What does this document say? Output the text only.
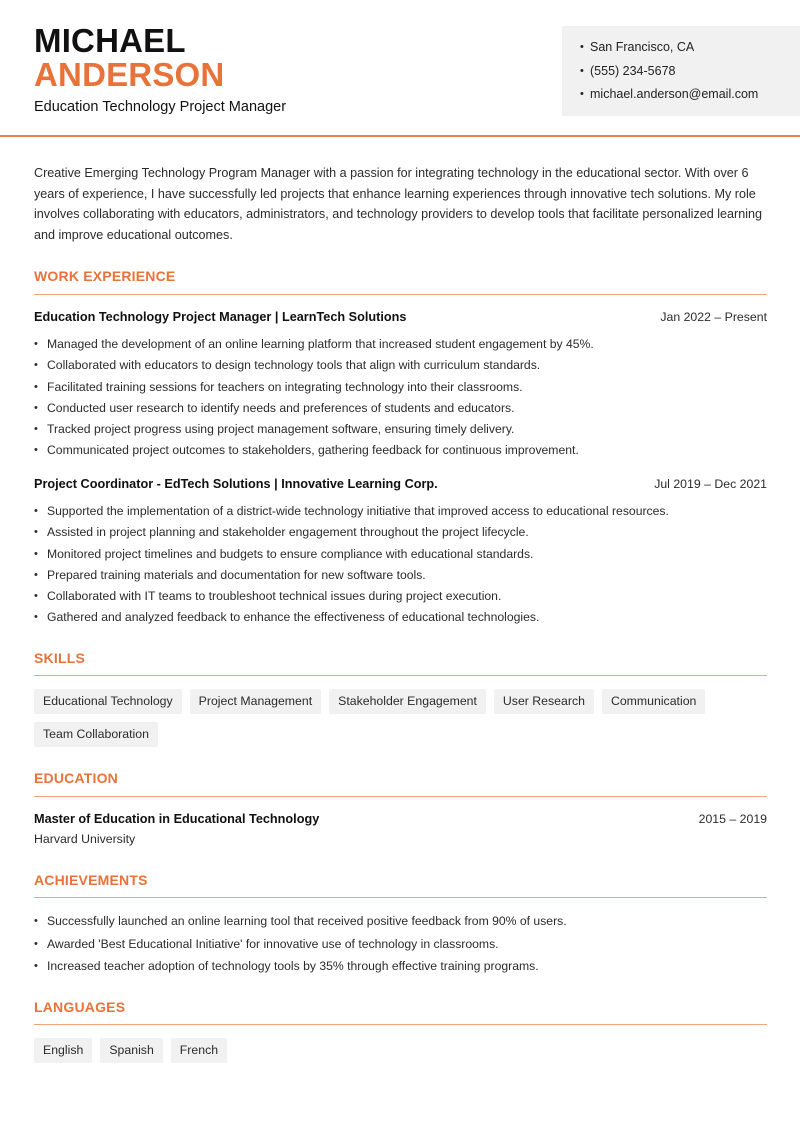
MICHAEL
ANDERSON
Education Technology Project Manager
• San Francisco, CA
• (555) 234-5678
• michael.anderson@email.com

Creative Emerging Technology Program Manager with a passion for integrating technology in the educational sector. With over 6 years of experience, I have successfully led projects that enhance learning experiences through innovative tech solutions. My role involves collaborating with educators, administrators, and technology providers to develop tools that facilitate personalized learning and improve educational outcomes.

WORK EXPERIENCE
Education Technology Project Manager | LearnTech Solutions	Jan 2022 – Present
• Managed the development of an online learning platform that increased student engagement by 45%.
• Collaborated with educators to design technology tools that align with curriculum standards.
• Facilitated training sessions for teachers on integrating technology into their classrooms.
• Conducted user research to identify needs and preferences of students and educators.
• Tracked project progress using project management software, ensuring timely delivery.
• Communicated project outcomes to stakeholders, gathering feedback for continuous improvement.
Project Coordinator - EdTech Solutions | Innovative Learning Corp.	Jul 2019 – Dec 2021
• Supported the implementation of a district-wide technology initiative that improved access to educational resources.
• Assisted in project planning and stakeholder engagement throughout the project lifecycle.
• Monitored project timelines and budgets to ensure compliance with educational standards.
• Prepared training materials and documentation for new software tools.
• Collaborated with IT teams to troubleshoot technical issues during project execution.
• Gathered and analyzed feedback to enhance the effectiveness of educational technologies.
SKILLS
Educational Technology	Project Management	Stakeholder Engagement	User Research	Communication
Team Collaboration
EDUCATION
Master of Education in Educational Technology	2015 – 2019
Harvard University
ACHIEVEMENTS
• Successfully launched an online learning tool that received positive feedback from 90% of users.
• Awarded 'Best Educational Initiative' for innovative use of technology in classrooms.
• Increased teacher adoption of technology tools by 35% through effective training programs.
LANGUAGES
English	Spanish	French
